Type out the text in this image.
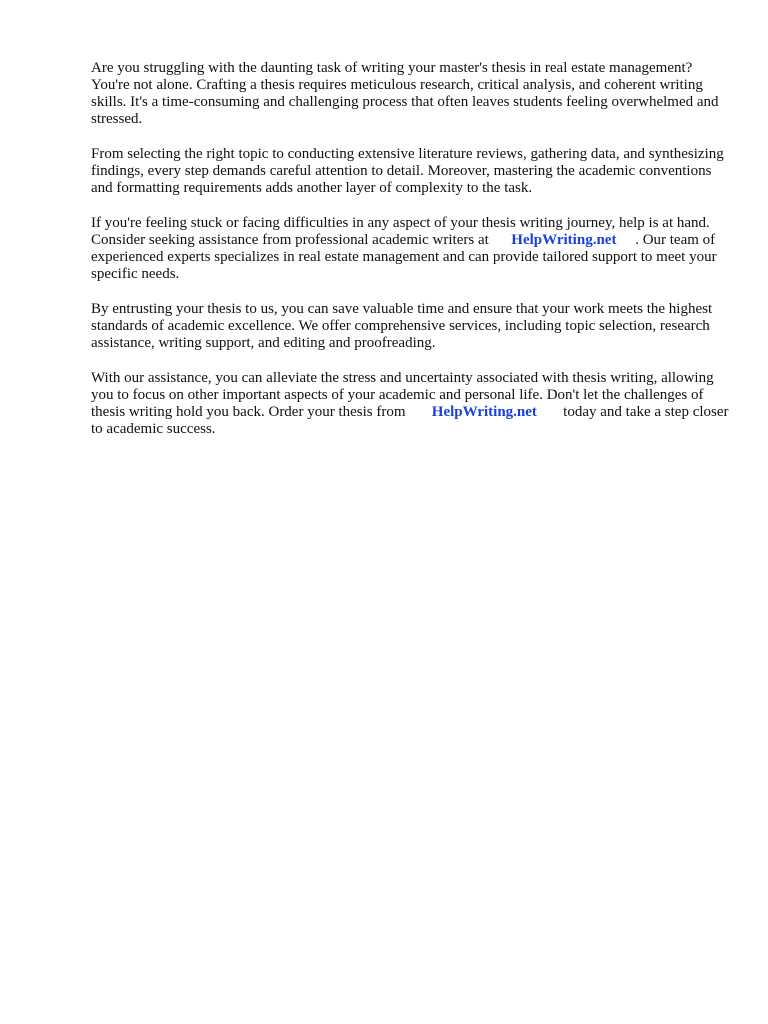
Are you struggling with the daunting task of writing your master's thesis in real estate management? You're not alone. Crafting a thesis requires meticulous research, critical analysis, and coherent writing skills. It's a time-consuming and challenging process that often leaves students feeling overwhelmed and stressed.

From selecting the right topic to conducting extensive literature reviews, gathering data, and synthesizing findings, every step demands careful attention to detail. Moreover, mastering the academic conventions and formatting requirements adds another layer of complexity to the task.

If you're feeling stuck or facing difficulties in any aspect of your thesis writing journey, help is at hand. Consider seeking assistance from professional academic writers at HelpWriting.net . Our team of experienced experts specializes in real estate management and can provide tailored support to meet your specific needs.

By entrusting your thesis to us, you can save valuable time and ensure that your work meets the highest standards of academic excellence. We offer comprehensive services, including topic selection, research assistance, writing support, and editing and proofreading.

With our assistance, you can alleviate the stress and uncertainty associated with thesis writing, allowing you to focus on other important aspects of your academic and personal life. Don't let the challenges of thesis writing hold you back. Order your thesis from HelpWriting.net today and take a step closer to academic success.
